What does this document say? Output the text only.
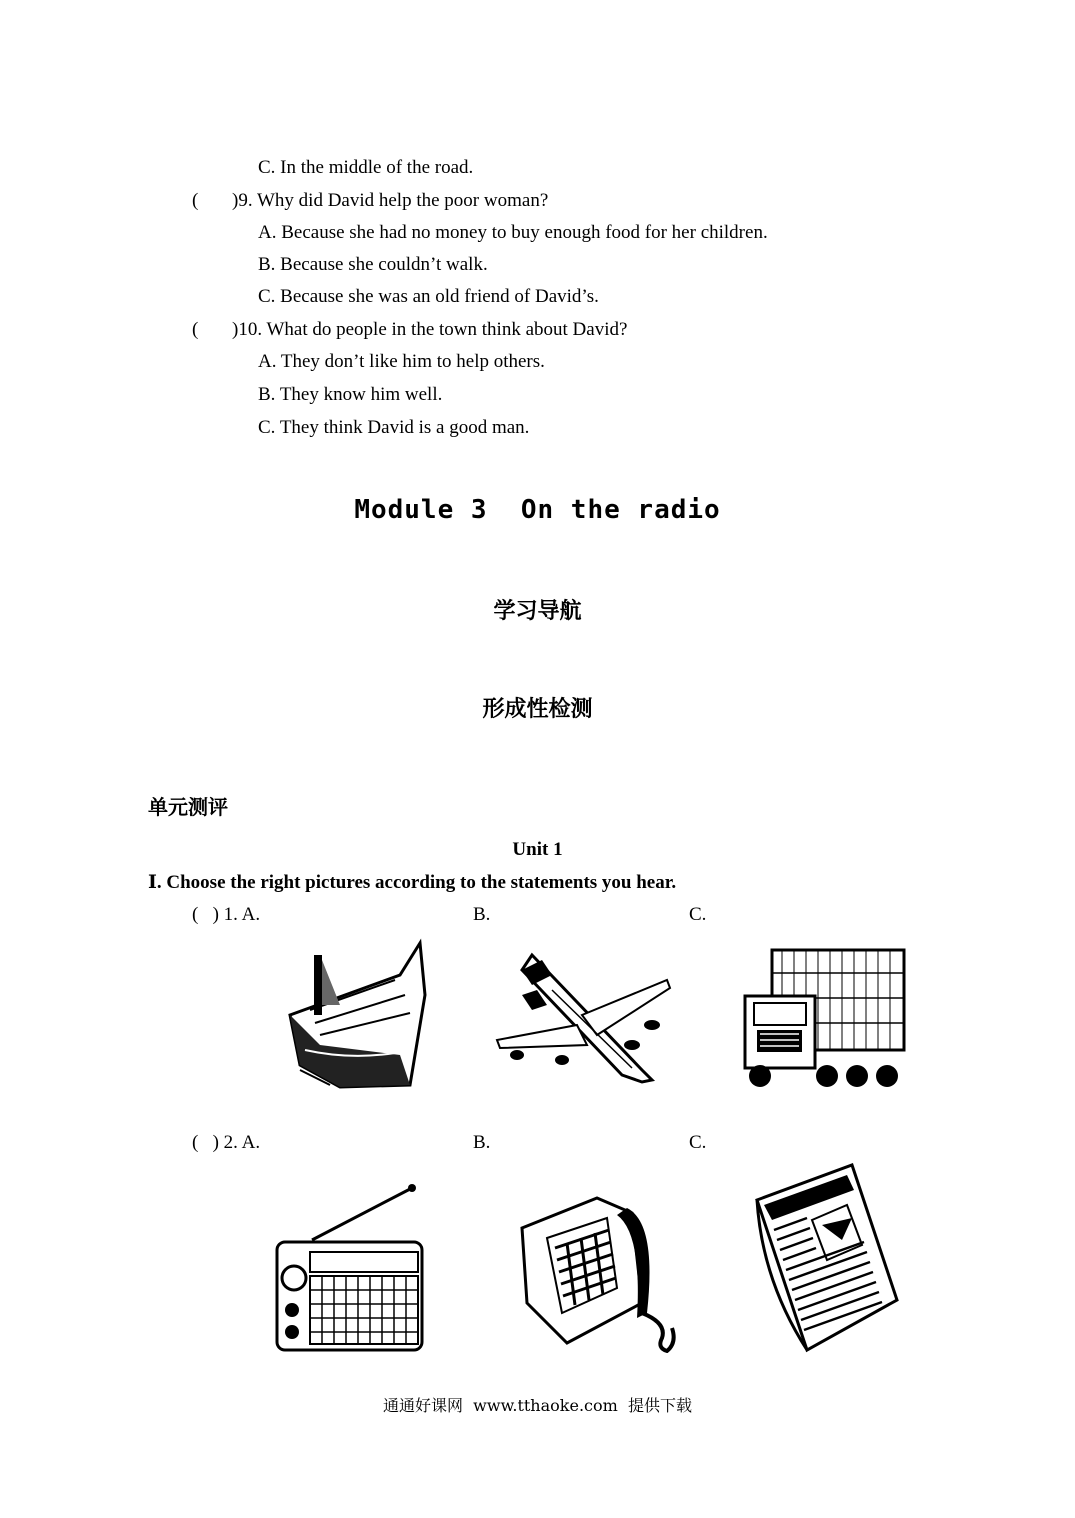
C. In the middle of the road.
( )9. Why did David help the poor woman?
A. Because she had no money to buy enough food for her children.
B. Because she couldn’t walk.
C. Because she was an old friend of David’s.
( )10. What do people in the town think about David?
A. They don’t like him to help others.
B. They know him well.
C. They think David is a good man.
Module 3  On the radio
学习导航
形成性检测
单元测评
Unit 1
Ⅰ. Choose the right pictures according to the statements you hear.
(   ) 1. A.	B.	C.
(   ) 2. A.	B.	C.
通通好课网  www.tthaoke.com  提供下载
